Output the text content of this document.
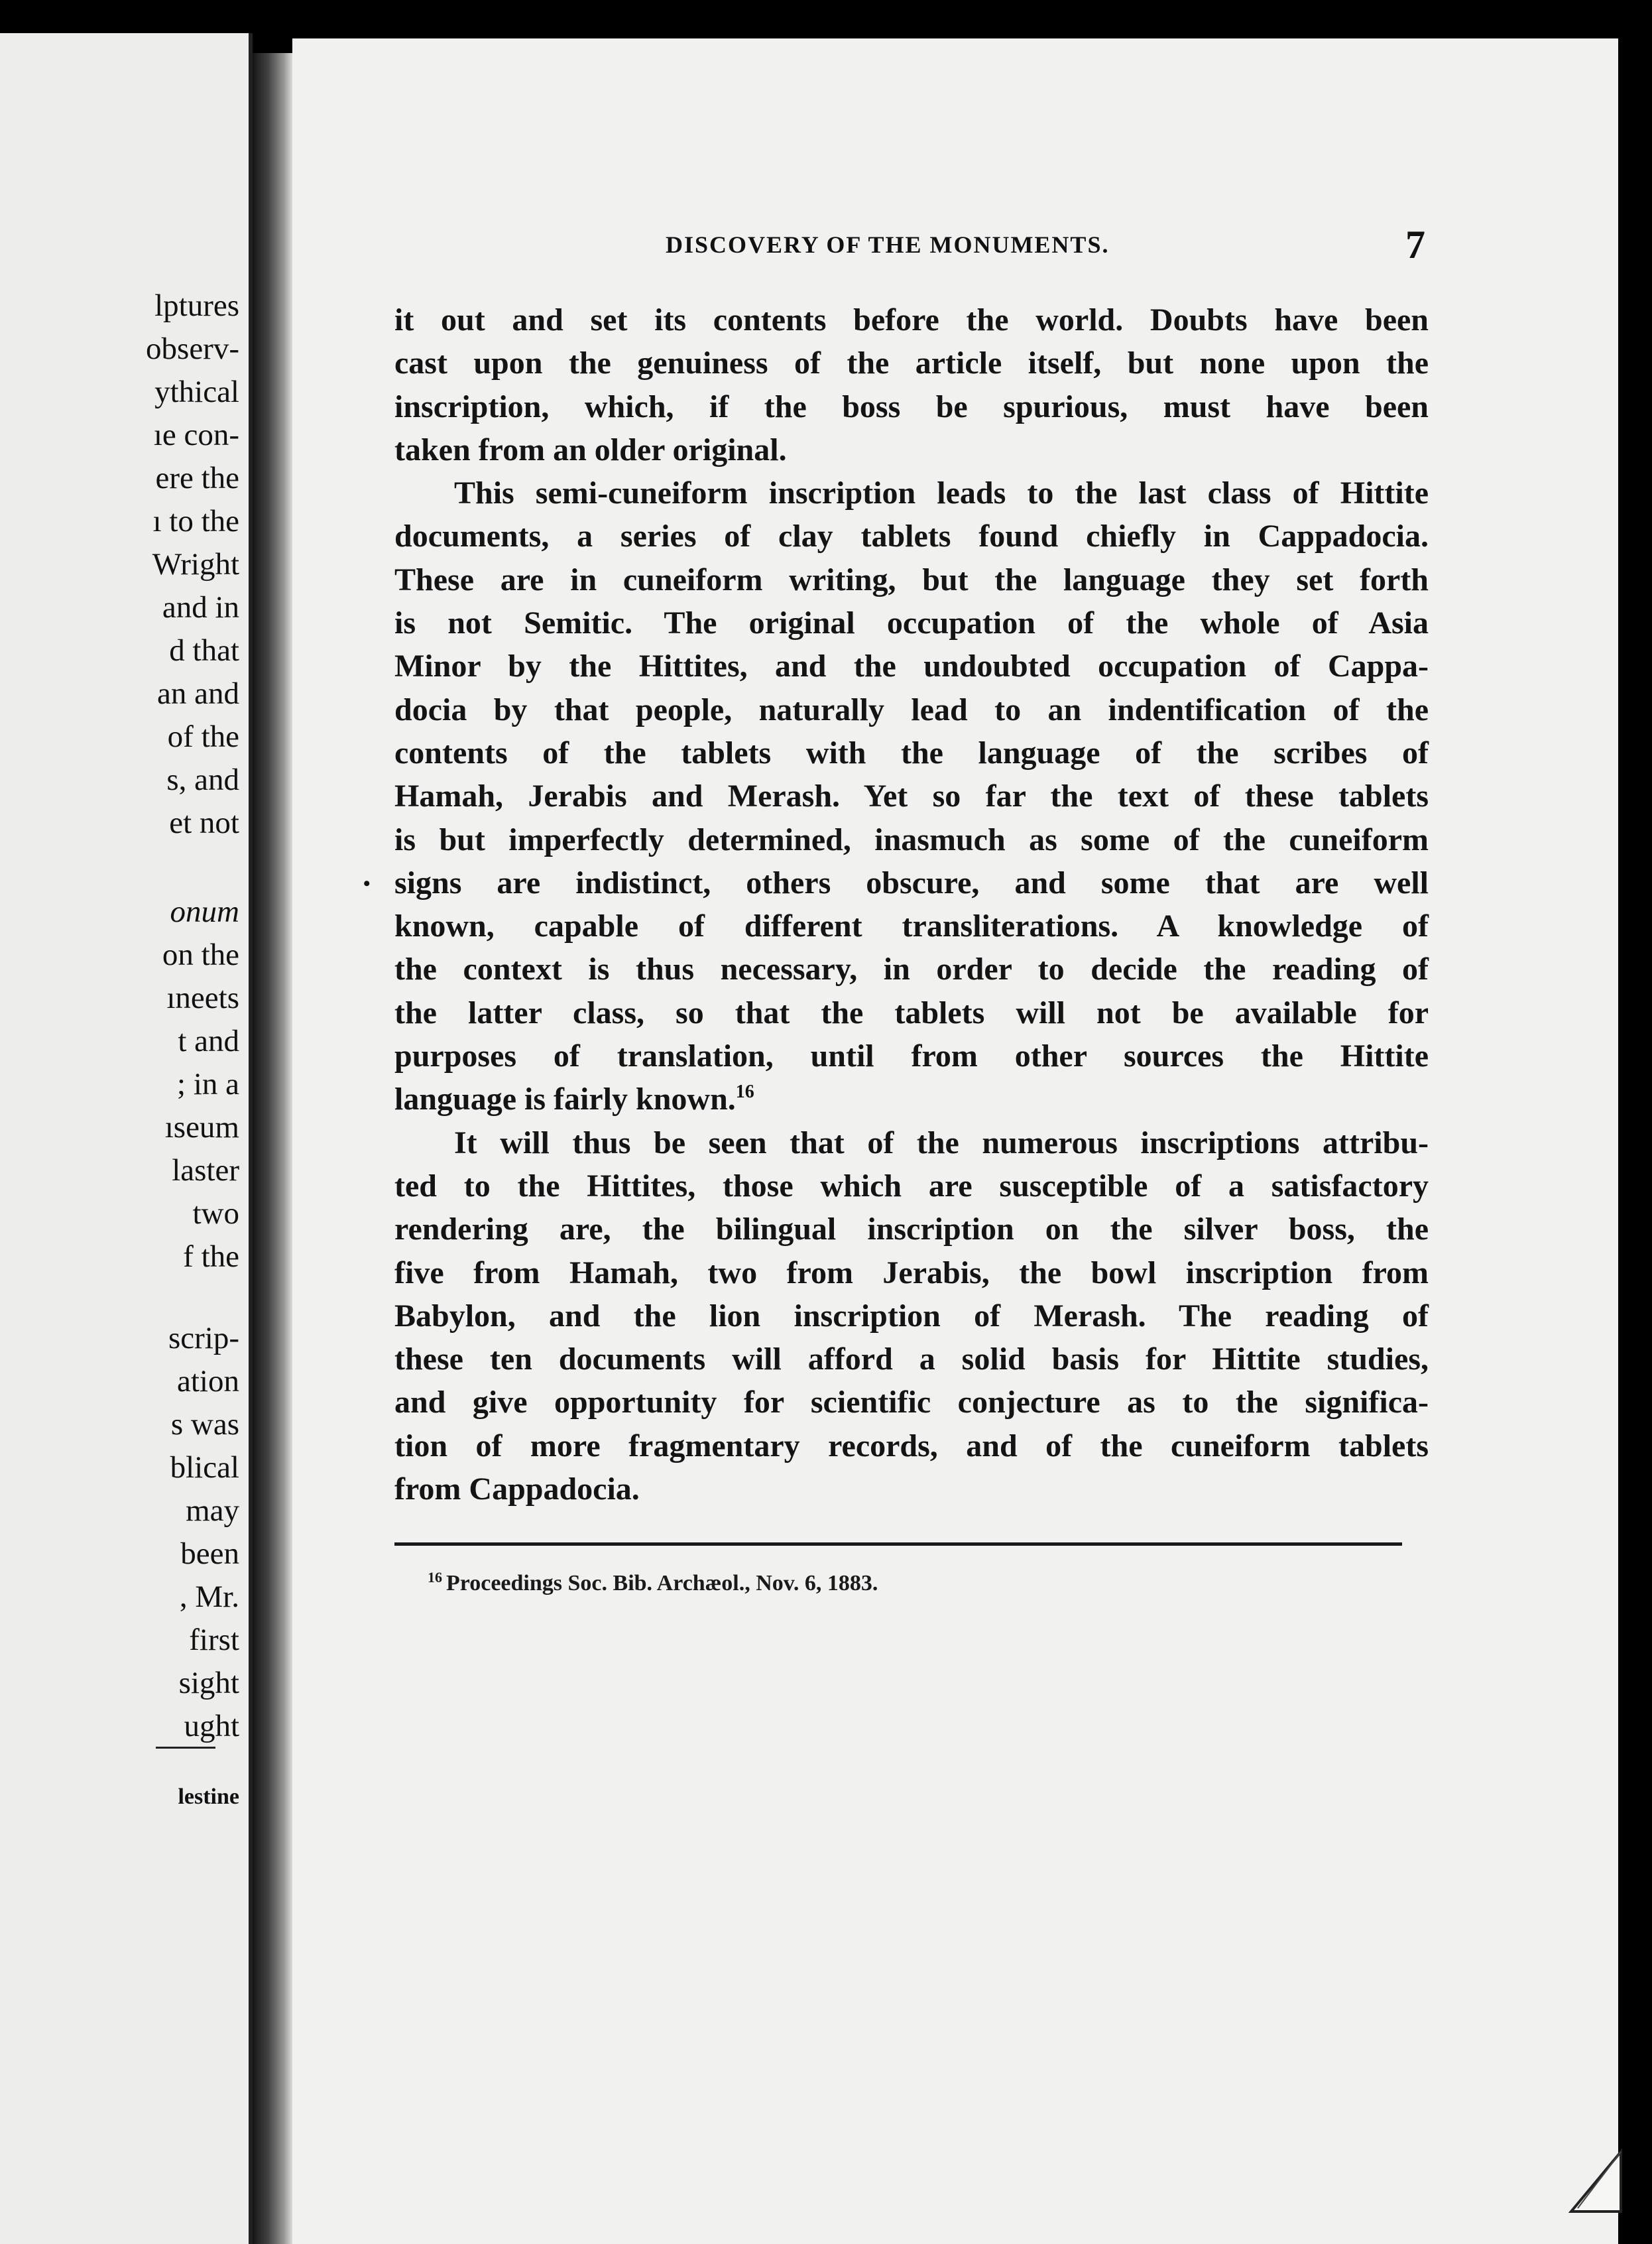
lptures
observ-
ythical
ıe con-
ere the
ı to the
Wright
and in
d that
an and
of the
s, and
et not
onum
on the
ıneets
t and
; in a
ıseum
laster
two
f the
scrip-
ation
s was
blical
may
been
, Mr.
first
sight
ught
lestine
DISCOVERY OF THE MONUMENTS.	7
•
it out and set its contents before the world. Doubts have been
cast upon the genuiness of the article itself, but none upon the
inscription, which, if the boss be spurious, must have been
taken from an older original.
This semi-cuneiform inscription leads to the last class of Hittite
documents, a series of clay tablets found chiefly in Cappadocia.
These are in cuneiform writing, but the language they set forth
is not Semitic. The original occupation of the whole of Asia
Minor by the Hittites, and the undoubted occupation of Cappa-
docia by that people, naturally lead to an indentification of the
contents of the tablets with the language of the scribes of
Hamah, Jerabis and Merash. Yet so far the text of these tablets
is but imperfectly determined, inasmuch as some of the cuneiform
signs are indistinct, others obscure, and some that are well
known, capable of different transliterations. A knowledge of
the context is thus necessary, in order to decide the reading of
the latter class, so that the tablets will not be available for
purposes of translation, until from other sources the Hittite
language is fairly known.$^{16}$
It will thus be seen that of the numerous inscriptions attribu-
ted to the Hittites, those which are susceptible of a satisfactory
rendering are, the bilingual inscription on the silver boss, the
five from Hamah, two from Jerabis, the bowl inscription from
Babylon, and the lion inscription of Merash. The reading of
these ten documents will afford a solid basis for Hittite studies,
and give opportunity for scientific conjecture as to the significa-
tion of more fragmentary records, and of the cuneiform tablets
from Cappadocia.
$^{16}$ Proceedings Soc. Bib. Archæol., Nov. 6, 1883.
